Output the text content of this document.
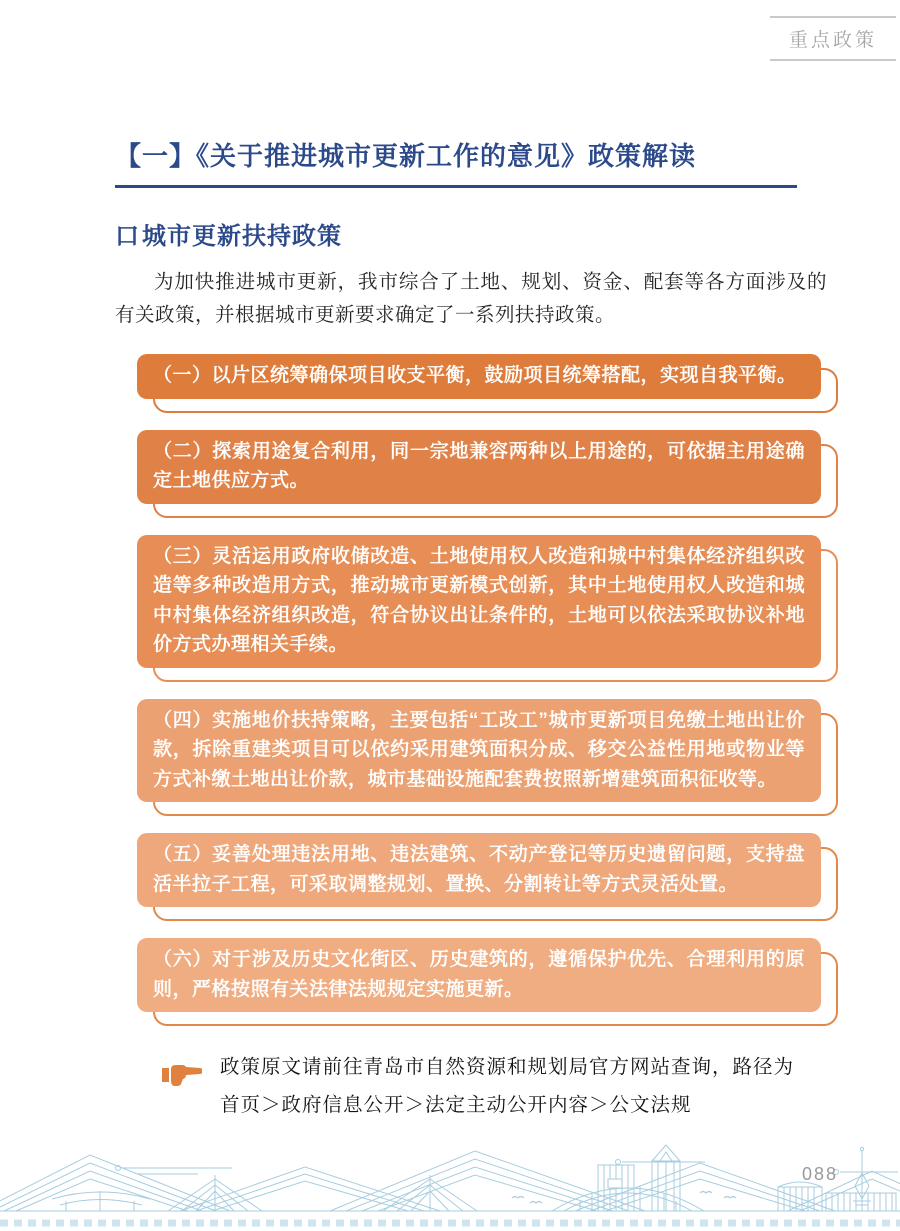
重点政策
【一】《关于推进城市更新工作的意见》政策解读
口 城市更新扶持政策

为加快推进城市更新，我市综合了土地、规划、资金、配套等各方面涉及的有关政策，并根据城市更新要求确定了一系列扶持政策。

（一）以片区统筹确保项目收支平衡，鼓励项目统筹搭配，实现自我平衡。
（二）探索用途复合利用，同一宗地兼容两种以上用途的，可依据主用途确定土地供应方式。
（三）灵活运用政府收储改造、土地使用权人改造和城中村集体经济组织改造等多种改造用方式，推动城市更新模式创新，其中土地使用权人改造和城中村集体经济组织改造，符合协议出让条件的，土地可以依法采取协议补地价方式办理相关手续。
（四）实施地价扶持策略，主要包括“工改工”城市更新项目免缴土地出让价款，拆除重建类项目可以依约采用建筑面积分成、移交公益性用地或物业等方式补缴土地出让价款，城市基础设施配套费按照新增建筑面积征收等。
（五）妥善处理违法用地、违法建筑、不动产登记等历史遗留问题，支持盘活半拉子工程，可采取调整规划、置换、分割转让等方式灵活处置。
（六）对于涉及历史文化街区、历史建筑的，遵循保护优先、合理利用的原则，严格按照有关法律法规规定实施更新。
政策原文请前往青岛市自然资源和规划局官方网站查询，路径为
首页＞政府信息公开＞法定主动公开内容＞公文法规
088
